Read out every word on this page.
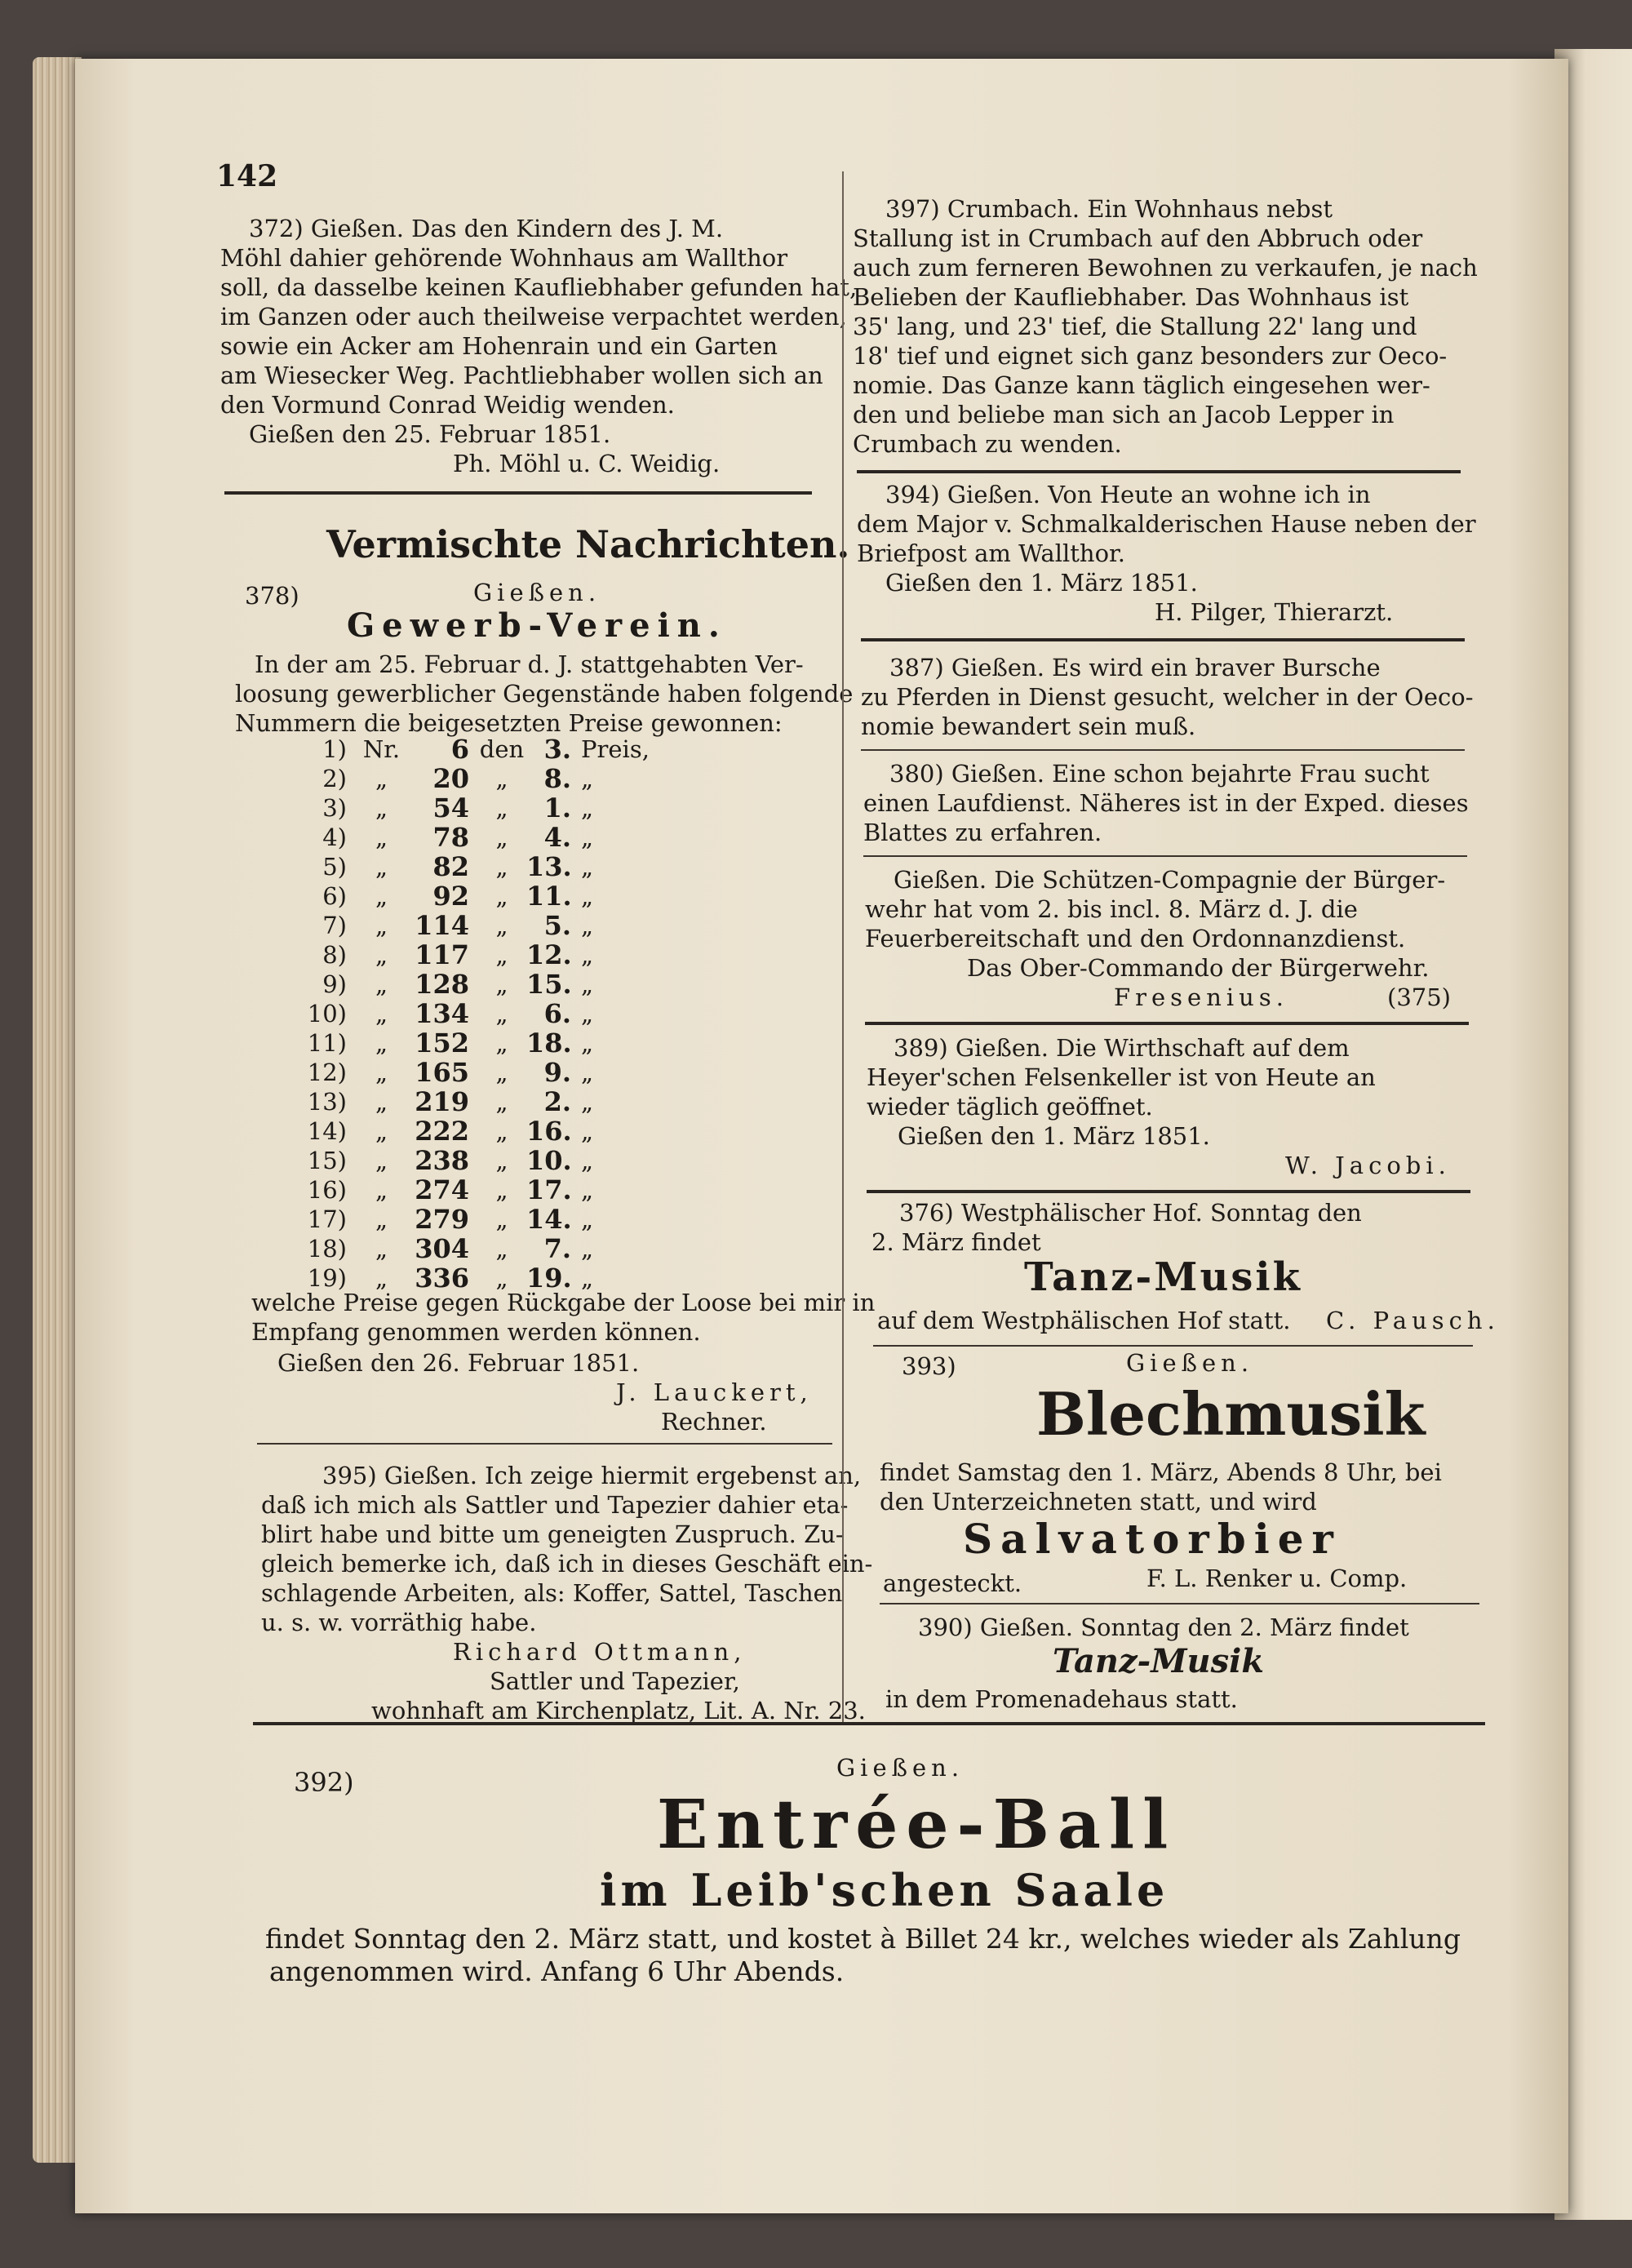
142
372) Gießen. Das den Kindern des J. M.
Möhl dahier gehörende Wohnhaus am Wallthor
soll, da dasselbe keinen Kaufliebhaber gefunden hat,
im Ganzen oder auch theilweise verpachtet werden,
sowie ein Acker am Hohenrain und ein Garten
am Wiesecker Weg. Pachtliebhaber wollen sich an
den Vormund Conrad Weidig wenden.
Gießen den 25. Februar 1851.
Ph. Möhl u. C. Weidig.
Vermischte Nachrichten.
378)	Gießen.
Gewerb-Verein.
In der am 25. Februar d. J. stattgehabten Ver-
loosung gewerblicher Gegenstände haben folgende
Nummern die beigesetzten Preise gewonnen:
1) Nr.	6 den 3. Preis,
2)	„	20	„	8. „
3)	„	54	„	1. „
4)	„	78	„	4. „
5)	„	82	„ 13. „
6)	„	92	„ 11. „
7)	„	114	„	5. „
8)	„	117	„ 12. „
9)	„	128	„ 15. „
10)	„	134	„	6. „
11)	„	152	„ 18. „
12)	„	165	„	9. „
13)	„	219	„	2. „
14)	„	222	„ 16. „
15)	„	238	„ 10. „
16)	„	274	„ 17. „
17)	„	279	„ 14. „
18)	„	304	„	7. „
19)	„	336	„ 19. „
welche Preise gegen Rückgabe der Loose bei mir in
Empfang genommen werden können.
Gießen den 26. Februar 1851.
J. Lauckert,
Rechner.
395) Gießen. Ich zeige hiermit ergebenst an,
daß ich mich als Sattler und Tapezier dahier eta-
blirt habe und bitte um geneigten Zuspruch. Zu-
gleich bemerke ich, daß ich in dieses Geschäft ein-
schlagende Arbeiten, als: Koffer, Sattel, Taschen
u. s. w. vorräthig habe.
Richard Ottmann,
Sattler und Tapezier,
wohnhaft am Kirchenplatz, Lit. A. Nr. 23.
397) Crumbach. Ein Wohnhaus nebst
Stallung ist in Crumbach auf den Abbruch oder
auch zum ferneren Bewohnen zu verkaufen, je nach
Belieben der Kaufliebhaber. Das Wohnhaus ist
35' lang, und 23' tief, die Stallung 22' lang und
18' tief und eignet sich ganz besonders zur Oeco-
nomie. Das Ganze kann täglich eingesehen wer-
den und beliebe man sich an Jacob Lepper in
Crumbach zu wenden.
394) Gießen. Von Heute an wohne ich in
dem Major v. Schmalkalderischen Hause neben der
Briefpost am Wallthor.
Gießen den 1. März 1851.
H. Pilger, Thierarzt.
387) Gießen. Es wird ein braver Bursche
zu Pferden in Dienst gesucht, welcher in der Oeco-
nomie bewandert sein muß.
380) Gießen. Eine schon bejahrte Frau sucht
einen Laufdienst. Näheres ist in der Exped. dieses
Blattes zu erfahren.
Gießen. Die Schützen-Compagnie der Bürger-
wehr hat vom 2. bis incl. 8. März d. J. die
Feuerbereitschaft und den Ordonnanzdienst.
Das Ober-Commando der Bürgerwehr.
Fresenius.	(375)
389) Gießen. Die Wirthschaft auf dem
Heyer'schen Felsenkeller ist von Heute an
wieder täglich geöffnet.
Gießen den 1. März 1851.
W. Jacobi.
376) Westphälischer Hof. Sonntag den
2. März findet
Tanz-Musik
auf dem Westphälischen Hof statt. C. Pausch.
393)	Gießen.
Blechmusik
findet Samstag den 1. März, Abends 8 Uhr, bei
den Unterzeichneten statt, und wird
Salvatorbier
angesteckt.	F. L. Renker u. Comp.
390) Gießen. Sonntag den 2. März findet
Tanz-Musik
in dem Promenadehaus statt.
392)	Gießen.
Entrée-Ball
im Leib'schen Saale
findet Sonntag den 2. März statt, und kostet à Billet 24 kr., welches wieder als Zahlung
angenommen wird. Anfang 6 Uhr Abends.
